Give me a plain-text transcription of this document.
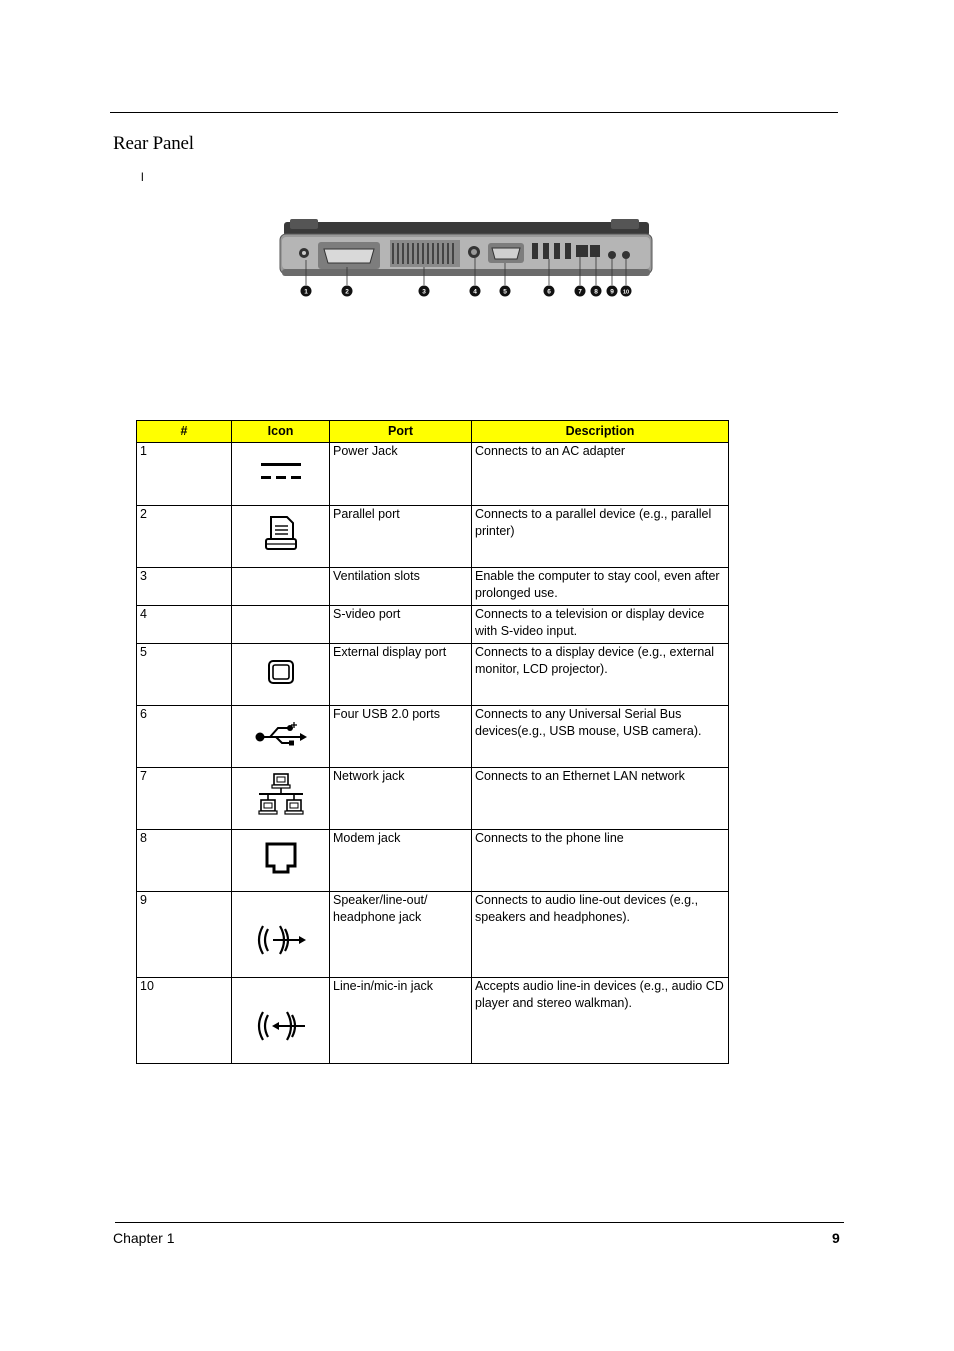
Rear Panel
l
1	2	3	4	5	6	7 8 9 10
#	Icon	Port	Description
1		Power Jack	Connects to an AC adapter
2		Parallel port	Connects to a parallel device (e.g., parallel printer)
3		Ventilation slots	Enable the computer to stay cool, even after prolonged use.
4		S-video port	Connects to a television or display device with S-video input.
5		External display port	Connects to a display device (e.g., external monitor, LCD projector).
6		Four USB 2.0 ports	Connects to any Universal Serial Bus devices(e.g., USB mouse, USB camera).
7		Network jack	Connects to an Ethernet LAN network
8		Modem jack	Connects to the phone line
9		Speaker/line-out/ headphone jack	Connects to audio line-out devices (e.g., speakers and headphones).
10		Line-in/mic-in jack	Accepts audio line-in devices (e.g., audio CD player and stereo walkman).
Chapter 1	9
